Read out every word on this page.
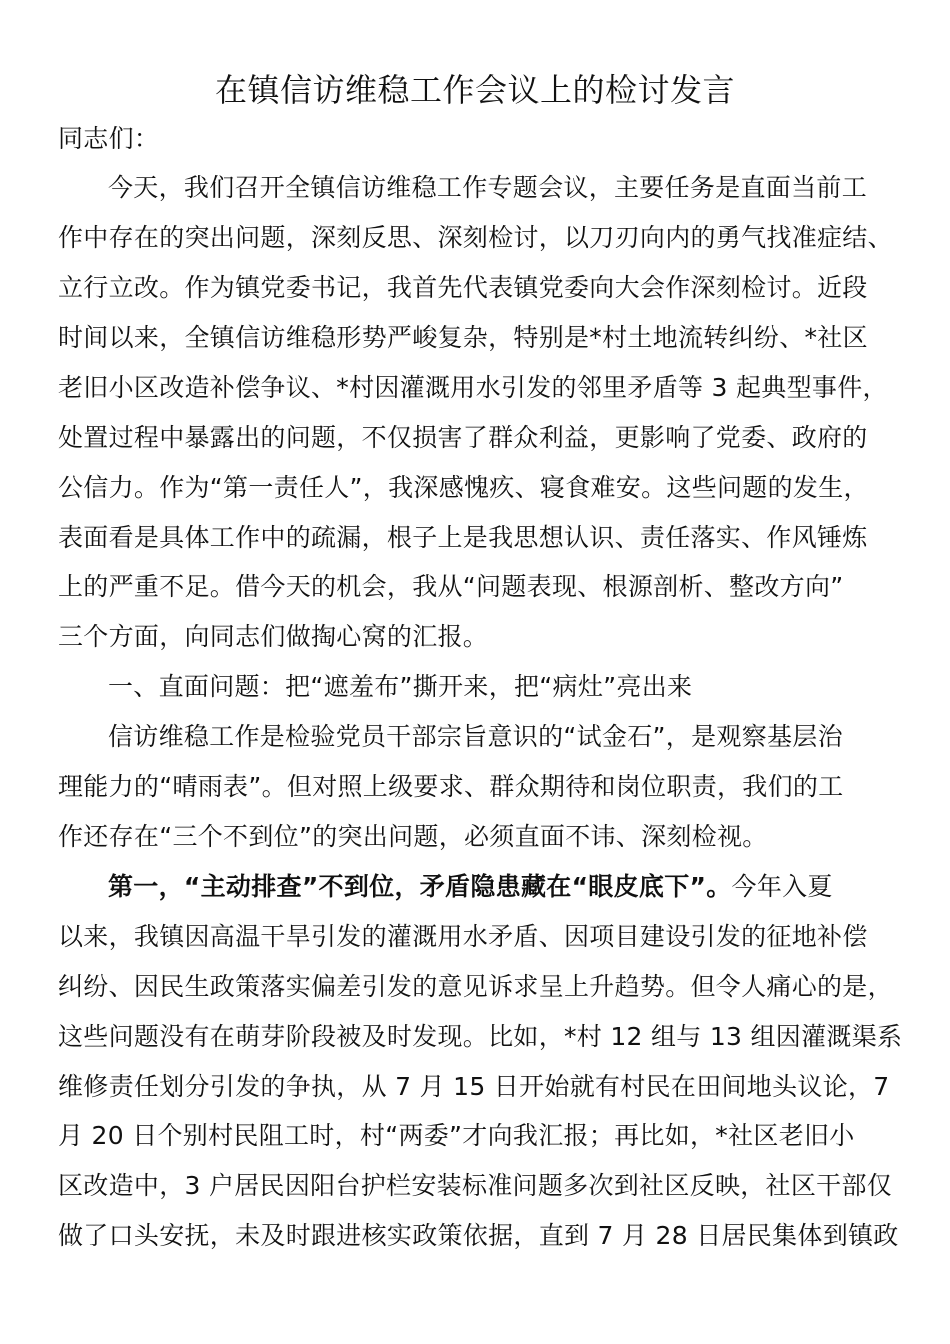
在镇信访维稳工作会议上的检讨发言
同志们：
今天，我们召开全镇信访维稳工作专题会议，主要任务是直面当前工
作中存在的突出问题，深刻反思、深刻检讨，以刀刃向内的勇气找准症结、
立行立改。作为镇党委书记，我首先代表镇党委向大会作深刻检讨。近段
时间以来，全镇信访维稳形势严峻复杂，特别是*村土地流转纠纷、*社区
老旧小区改造补偿争议、*村因灌溉用水引发的邻里矛盾等 3 起典型事件，
处置过程中暴露出的问题，不仅损害了群众利益，更影响了党委、政府的
公信力。作为“第一责任人”，我深感愧疚、寝食难安。这些问题的发生，
表面看是具体工作中的疏漏，根子上是我思想认识、责任落实、作风锤炼
上的严重不足。借今天的机会，我从“问题表现、根源剖析、整改方向”
三个方面，向同志们做掏心窝的汇报。
一、直面问题：把“遮羞布”撕开来，把“病灶”亮出来
信访维稳工作是检验党员干部宗旨意识的“试金石”，是观察基层治
理能力的“晴雨表”。但对照上级要求、群众期待和岗位职责，我们的工
作还存在“三个不到位”的突出问题，必须直面不讳、深刻检视。
第一，“主动排查”不到位，矛盾隐患藏在“眼皮底下”。今年入夏
以来，我镇因高温干旱引发的灌溉用水矛盾、因项目建设引发的征地补偿
纠纷、因民生政策落实偏差引发的意见诉求呈上升趋势。但令人痛心的是，
这些问题没有在萌芽阶段被及时发现。比如，*村 12 组与 13 组因灌溉渠系
维修责任划分引发的争执，从 7 月 15 日开始就有村民在田间地头议论，7
月 20 日个别村民阻工时，村“两委”才向我汇报；再比如，*社区老旧小
区改造中，3 户居民因阳台护栏安装标准问题多次到社区反映，社区干部仅
做了口头安抚，未及时跟进核实政策依据，直到 7 月 28 日居民集体到镇政
